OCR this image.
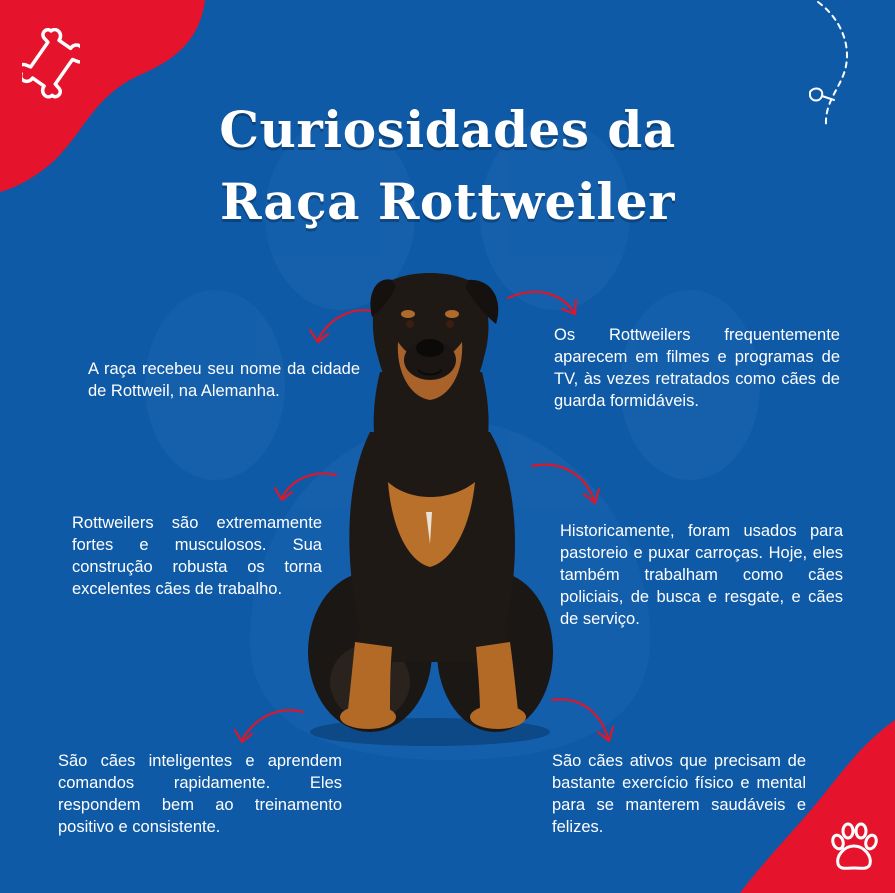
Curiosidades da
Raça Rottweiler
A raça recebeu seu nome da cidade de Rottweil, na Alemanha.
Os Rottweilers frequentemente aparecem em filmes e programas de TV, às vezes retratados como cães de guarda formidáveis.
Rottweilers são extremamente fortes e musculosos. Sua construção robusta os torna excelentes cães de trabalho.
Historicamente, foram usados para pastoreio e puxar carroças. Hoje, eles também trabalham como cães policiais, de busca e resgate, e cães de serviço.
São cães inteligentes e aprendem comandos rapidamente. Eles respondem bem ao treinamento positivo e consistente.
São cães ativos que precisam de bastante exercício físico e mental para se manterem saudáveis e felizes.
